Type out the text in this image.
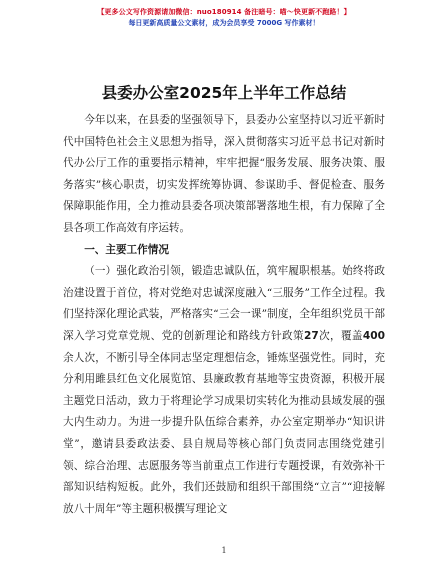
【更多公文写作资源请加微信：nuo180914 备注暗号：喵～快更新不跑路！】
每日更新高质量公文素材，成为会员享受 7000G 写作素材！
县委办公室2025年上半年工作总结

今年以来，在县委的坚强领导下，县委办公室坚持以习近平新时代中国特色社会主义思想为指导，深入贯彻落实习近平总书记对新时代办公厅工作的重要指示精神，牢牢把握“服务发展、服务决策、服务落实”核心职责，切实发挥统筹协调、参谋助手、督促检查、服务保障职能作用，全力推动县委各项决策部署落地生根，有力保障了全县各项工作高效有序运转。

一、主要工作情况

（一）强化政治引领，锻造忠诚队伍，筑牢履职根基。始终将政治建设置于首位，将对党绝对忠诚深度融入“三服务”工作全过程。我们坚持深化理论武装，严格落实“三会一课”制度，全年组织党员干部深入学习党章党规、党的创新理论和路线方针政策27次，覆盖400余人次，不断引导全体同志坚定理想信念，锤炼坚强党性。同时，充分利用雎县红色文化展览馆、县廉政教育基地等宝贵资源，积极开展主题党日活动，致力于将理论学习成果切实转化为推动县域发展的强大内生动力。为进一步提升队伍综合素养，办公室定期举办“知识讲堂”，邀请县委政法委、县自规局等核心部门负责同志围绕党建引领、综合治理、志愿服务等当前重点工作进行专题授课，有效弥补干部知识结构短板。此外，我们还鼓励和组织干部围绕“立言”“迎接解放八十周年”等主题积极撰写理论文

1
